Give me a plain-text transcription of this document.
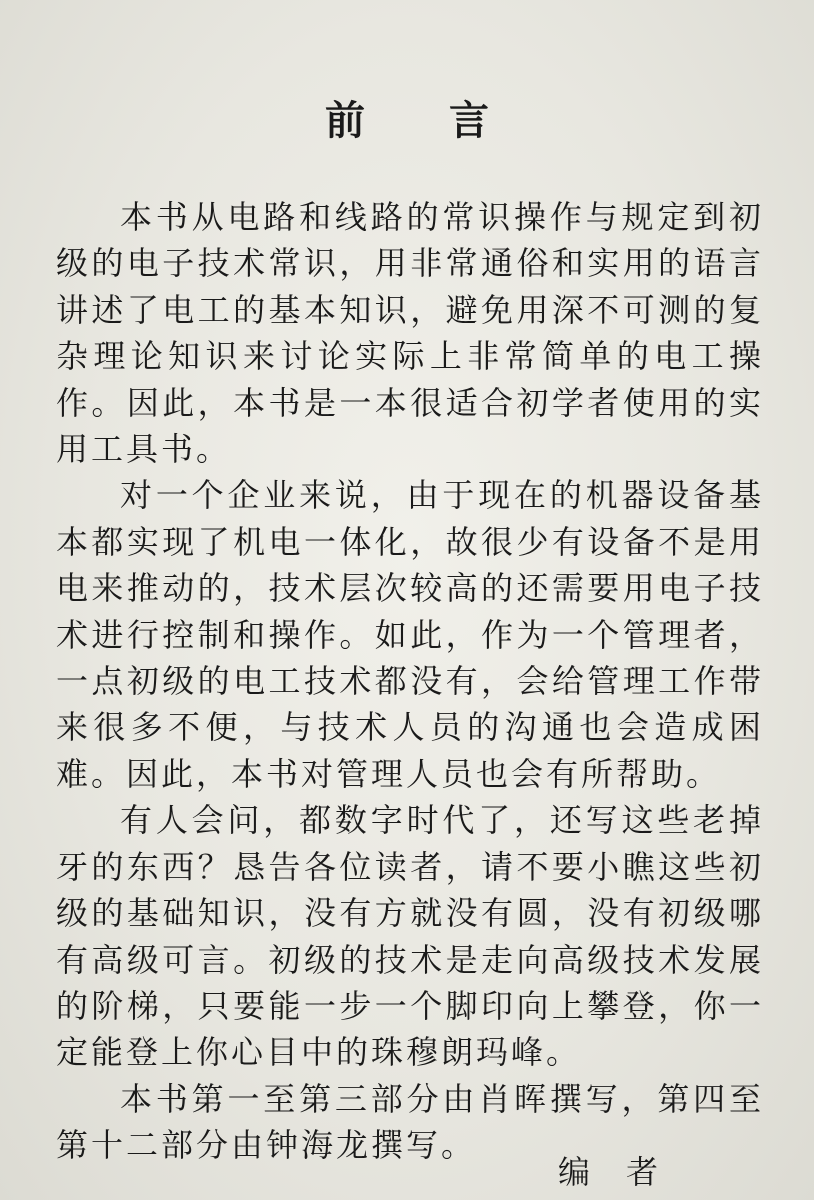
前言

本书从电路和线路的常识操作与规定到初级的电子技术常识，用非常通俗和实用的语言讲述了电工的基本知识，避免用深不可测的复杂理论知识来讨论实际上非常简单的电工操作。因此，本书是一本很适合初学者使用的实用工具书。

对一个企业来说，由于现在的机器设备基本都实现了机电一体化，故很少有设备不是用电来推动的，技术层次较高的还需要用电子技术进行控制和操作。如此，作为一个管理者，一点初级的电工技术都没有，会给管理工作带来很多不便，与技术人员的沟通也会造成困难。因此，本书对管理人员也会有所帮助。

有人会问，都数字时代了，还写这些老掉牙的东西？恳告各位读者，请不要小瞧这些初级的基础知识，没有方就没有圆，没有初级哪有高级可言。初级的技术是走向高级技术发展的阶梯，只要能一步一个脚印向上攀登，你一定能登上你心目中的珠穆朗玛峰。

本书第一至第三部分由肖晖撰写，第四至第十二部分由钟海龙撰写。

编者
